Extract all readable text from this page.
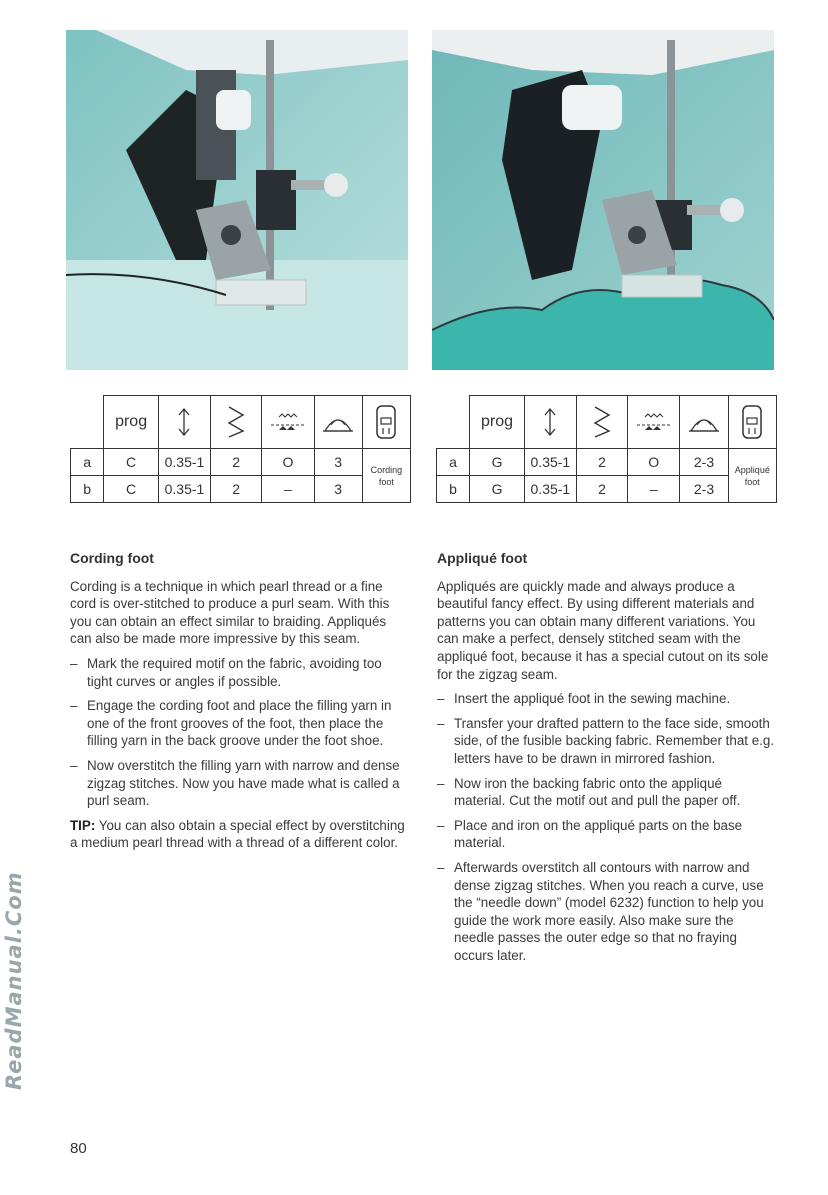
	prog					
a	C	0.35-1	2	O	3	Cording
foot
b	C	0.35-1	2	–	3	
	prog					
a	G	0.35-1	2	O	2-3	Appliqué
foot
b	G	0.35-1	2	–	2-3	
Cording foot

Cording is a technique in which pearl thread or a fine cord is over-stitched to produce a purl seam. With this you can obtain an effect similar to braiding. Appliqués can also be made more impressive by this seam.

– Mark the required motif on the fabric, avoiding too tight curves or angles if possible.
– Engage the cording foot and place the filling yarn in one of the front grooves of the foot, then place the filling yarn in the back groove under the foot shoe.
– Now overstitch the filling yarn with narrow and dense zigzag stitches. Now you have made what is called a purl seam.

TIP: You can also obtain a special effect by overstitching a medium pearl thread with a thread of a different color.

Appliqué foot

Appliqués are quickly made and always produce a beautiful fancy effect. By using different materials and patterns you can obtain many different variations. You can make a perfect, densely stitched seam with the appliqué foot, because it has a special cutout on its sole for the zigzag seam.

– Insert the appliqué foot in the sewing machine.
– Transfer your drafted pattern to the face side, smooth side, of the fusible backing fabric. Remember that e.g. letters have to be drawn in mirrored fashion.
– Now iron the backing fabric onto the appliqué material. Cut the motif out and pull the paper off.
– Place and iron on the appliqué parts on the base material.
– Afterwards overstitch all contours with narrow and dense zigzag stitches. When you reach a curve, use the “needle down” (model 6232) function to help you guide the work more easily. Also make sure the needle passes the outer edge so that no fraying occurs later.
ReadManual.Com
80
